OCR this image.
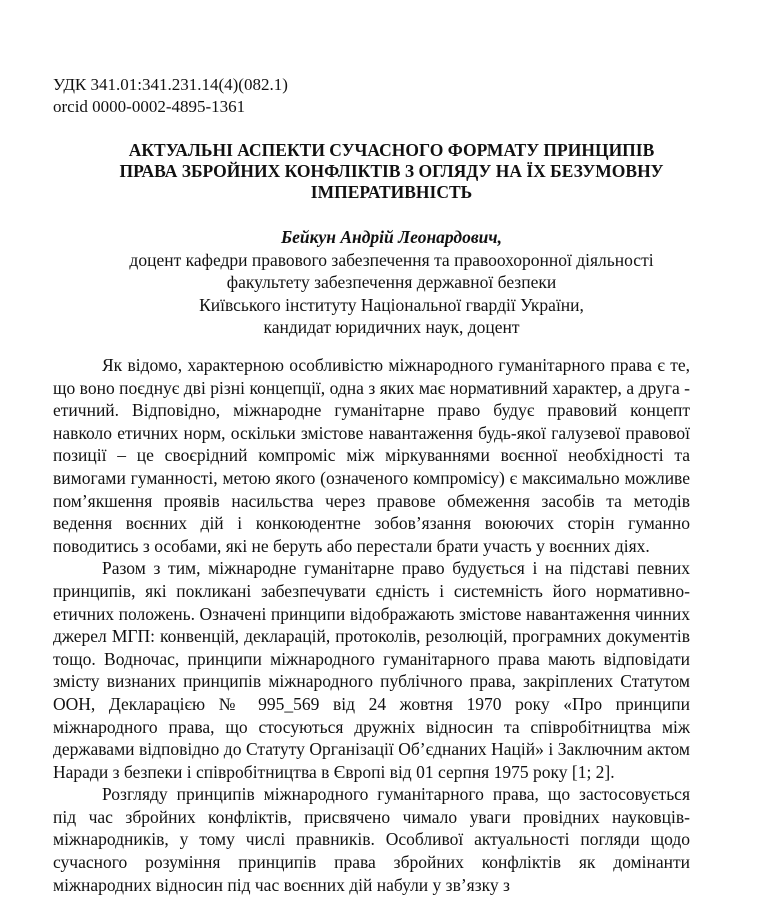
УДК 341.01:341.231.14(4)(082.1)
orcid 0000-0002-4895-1361
АКТУАЛЬНІ АСПЕКТИ СУЧАСНОГО ФОРМАТУ ПРИНЦИПІВ
ПРАВА ЗБРОЙНИХ КОНФЛІКТІВ З ОГЛЯДУ НА ЇХ БЕЗУМОВНУ
ІМПЕРАТИВНІСТЬ
Бейкун Андрій Леонардович,
доцент кафедри правового забезпечення та правоохоронної діяльності
факультету забезпечення державної безпеки
Київського інституту Національної гвардії України,
кандидат юридичних наук, доцент

Як відомо, характерною особливістю міжнародного гуманітарного права є те, що воно поєднує дві різні концепції, одна з яких має нормативний характер, а друга - етичний. Відповідно, міжнародне гуманітарне право будує правовий концепт навколо етичних норм, оскільки змістове навантаження будь-якої галузевої правової позиції – це своєрідний компроміс між міркуваннями воєнної необхідності та вимогами гуманності, метою якого (означеного компромісу) є максимально можливе пом’якшення проявів насильства через правове обмеження засобів та методів ведення воєнних дій і конкоюдентне зобов’язання воюючих сторін гуманно поводитись з особами, які не беруть або перестали брати участь у воєнних діях.

Разом з тим, міжнародне гуманітарне право будується і на підставі певних принципів, які покликані забезпечувати єдність і системність його нормативно-етичних положень. Означені принципи відображають змістове навантаження чинних джерел МГП: конвенцій, декларацій, протоколів, резолюцій, програмних документів тощо. Водночас, принципи міжнародного гуманітарного права мають відповідати змісту визнаних принципів міжнародного публічного права, закріплених Статутом ООН, Декларацією № 995_569 від 24 жовтня 1970 року «Про принципи міжнародного права, що стосуються дружніх відносин та співробітництва між державами відповідно до Статуту Організації Об’єднаних Націй» і Заключним актом Наради з безпеки і співробітництва в Європі від 01 серпня 1975 року [1; 2].

Розгляду принципів міжнародного гуманітарного права, що застосовується під час збройних конфліктів, присвячено чимало уваги провідних науковців-міжнародників, у тому числі правників. Особливої актуальності погляди щодо сучасного розуміння принципів права збройних конфліктів як домінанти міжнародних відносин під час воєнних дій набули у зв’язку з
